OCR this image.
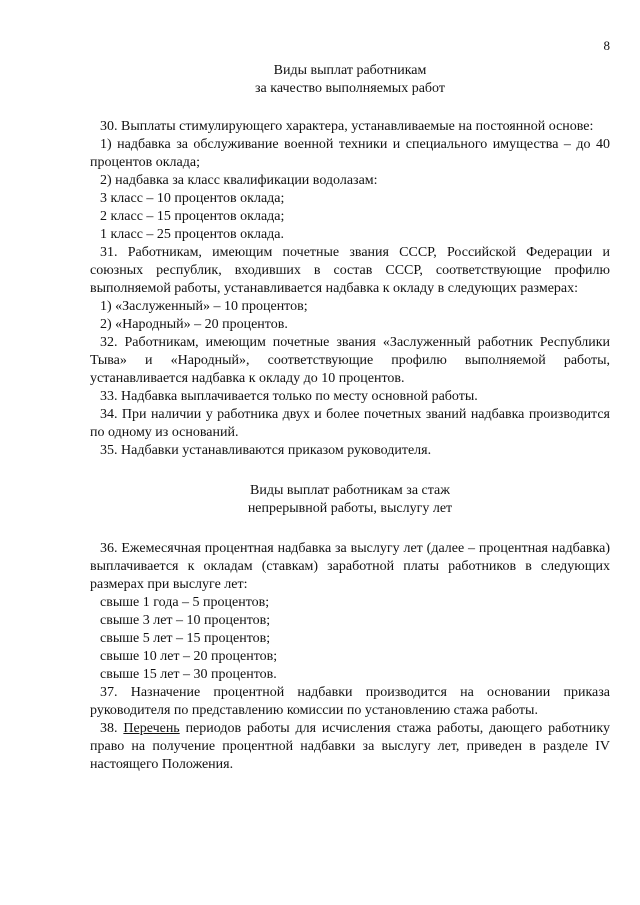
8
Виды выплат работникам
за качество выполняемых работ

30. Выплаты стимулирующего характера, устанавливаемые на постоянной основе:

1) надбавка за обслуживание военной техники и специального имущества – до 40 процентов оклада;

2) надбавка за класс квалификации водолазам:

3 класс – 10 процентов оклада;

2 класс – 15 процентов оклада;

1 класс – 25 процентов оклада.

31. Работникам, имеющим почетные звания СССР, Российской Федерации и союзных республик, входивших в состав СССР, соответствующие профилю выполняемой работы, устанавливается надбавка к окладу в следующих размерах:

1) «Заслуженный» – 10 процентов;

2) «Народный» – 20 процентов.

32. Работникам, имеющим почетные звания «Заслуженный работник Республики Тыва» и «Народный», соответствующие профилю выполняемой работы, устанавливается надбавка к окладу до 10 процентов.

33. Надбавка выплачивается только по месту основной работы.

34. При наличии у работника двух и более почетных званий надбавка производится по одному из оснований.

35. Надбавки устанавливаются приказом руководителя.

Виды выплат работникам за стаж
непрерывной работы, выслугу лет

36. Ежемесячная процентная надбавка за выслугу лет (далее – процентная надбавка) выплачивается к окладам (ставкам) заработной платы работников в следующих размерах при выслуге лет:

свыше 1 года – 5 процентов;

свыше 3 лет – 10 процентов;

свыше 5 лет – 15 процентов;

свыше 10 лет – 20 процентов;

свыше 15 лет – 30 процентов.

37. Назначение процентной надбавки производится на основании приказа руководителя по представлению комиссии по установлению стажа работы.

38. Перечень периодов работы для исчисления стажа работы, дающего работнику право на получение процентной надбавки за выслугу лет, приведен в разделе IV настоящего Положения.
